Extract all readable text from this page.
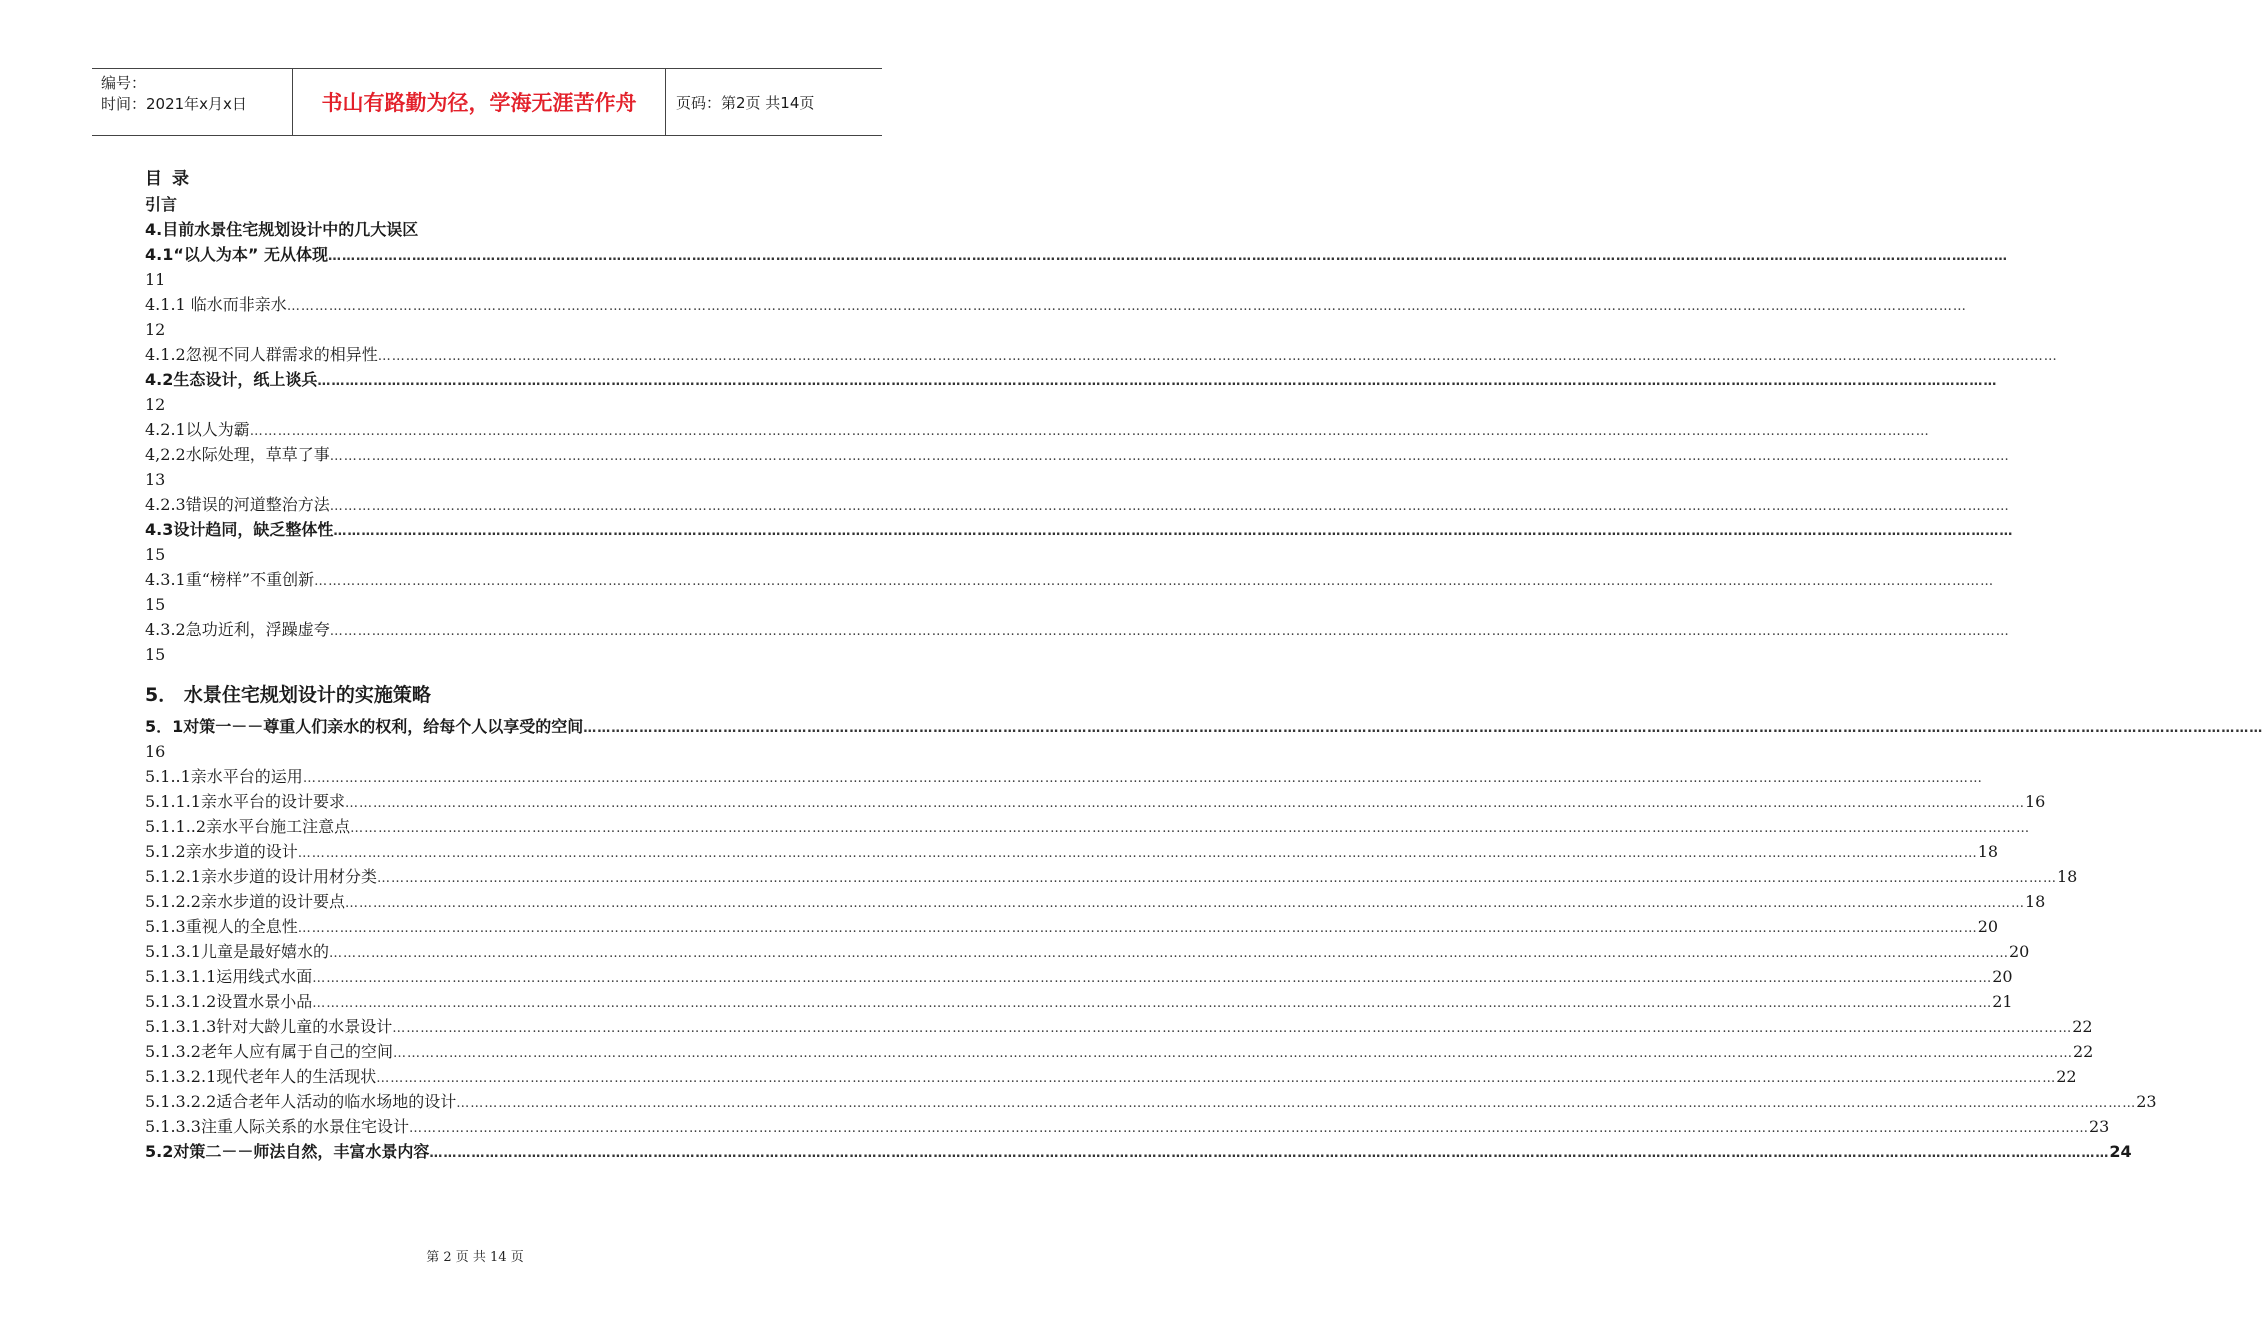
编号：
时间：2021年x月x日	书山有路勤为径，学海无涯苦作舟	页码：第2页 共14页
目录
引言
4.目前水景住宅规划设计中的几大误区
4.1“以人为本” 无从体现 ………………………………………………………………………………………………………………………………………………………………………………………………………………………………………………………………………………………………………………………………
11
4.1.1 临水而非亲水 ………………………………………………………………………………………………………………………………………………………………………………………………………………………………………………………………………………………………………………………………
12
4.1.2忽视不同人群需求的相异性 ………………………………………………………………………………………………………………………………………………………………………………………………………………………………………………………………………………………………………………………………
4.2生态设计，纸上谈兵 ………………………………………………………………………………………………………………………………………………………………………………………………………………………………………………………………………………………………………………………………
12
4.2.1以人为霸 ………………………………………………………………………………………………………………………………………………………………………………………………………………………………………………………………………………………………………………………………
4,2.2水际处理，草草了事 ………………………………………………………………………………………………………………………………………………………………………………………………………………………………………………………………………………………………………………………………
13
4.2.3错误的河道整治方法 ………………………………………………………………………………………………………………………………………………………………………………………………………………………………………………………………………………………………………………………………
4.3设计趋同，缺乏整体性 ………………………………………………………………………………………………………………………………………………………………………………………………………………………………………………………………………………………………………………………………
15
4.3.1重“榜样”不重创新 ………………………………………………………………………………………………………………………………………………………………………………………………………………………………………………………………………………………………………………………………
15
4.3.2急功近利，浮躁虚夸 ………………………………………………………………………………………………………………………………………………………………………………………………………………………………………………………………………………………………………………………………
15
5． 水景住宅规划设计的实施策略
5．1对策一－－尊重人们亲水的权利，给每个人以享受的空间 ………………………………………………………………………………………………………………………………………………………………………………………………………………………………………………………………………………………………………………………………
16
5.1..1亲水平台的运用 ………………………………………………………………………………………………………………………………………………………………………………………………………………………………………………………………………………………………………………………………
5.1.1.1亲水平台的设计要求 ……………………………………………………………………………………………………………………………………………………………………………………………………………………………………………………………………………………………………………………………… 16
5.1.1..2亲水平台施工注意点 ………………………………………………………………………………………………………………………………………………………………………………………………………………………………………………………………………………………………………………………………
5.1.2亲水步道的设计 ……………………………………………………………………………………………………………………………………………………………………………………………………………………………………………………………………………………………………………………………… 18
5.1.2.1亲水步道的设计用材分类 ……………………………………………………………………………………………………………………………………………………………………………………………………………………………………………………………………………………………………………………………… 18
5.1.2.2亲水步道的设计要点 ……………………………………………………………………………………………………………………………………………………………………………………………………………………………………………………………………………………………………………………………… 18
5.1.3重视人的全息性 ……………………………………………………………………………………………………………………………………………………………………………………………………………………………………………………………………………………………………………………………… 20
5.1.3.1儿童是最好嬉水的 ……………………………………………………………………………………………………………………………………………………………………………………………………………………………………………………………………………………………………………………………… 20
5.1.3.1.1运用线式水面 ……………………………………………………………………………………………………………………………………………………………………………………………………………………………………………………………………………………………………………………………… 20
5.1.3.1.2设置水景小品 ……………………………………………………………………………………………………………………………………………………………………………………………………………………………………………………………………………………………………………………………… 21
5.1.3.1.3针对大龄儿童的水景设计 ……………………………………………………………………………………………………………………………………………………………………………………………………………………………………………………………………………………………………………………………… 22
5.1.3.2老年人应有属于自己的空间 ……………………………………………………………………………………………………………………………………………………………………………………………………………………………………………………………………………………………………………………………… 22
5.1.3.2.1现代老年人的生活现状 ……………………………………………………………………………………………………………………………………………………………………………………………………………………………………………………………………………………………………………………………… 22
5.1.3.2.2适合老年人活动的临水场地的设计 ……………………………………………………………………………………………………………………………………………………………………………………………………………………………………………………………………………………………………………………………… 23
5.1.3.3注重人际关系的水景住宅设计 ……………………………………………………………………………………………………………………………………………………………………………………………………………………………………………………………………………………………………………………………… 23
5.2对策二－－师法自然，丰富水景内容 ……………………………………………………………………………………………………………………………………………………………………………………………………………………………………………………………………………………………………………………………… 24
第 2 页 共 14 页
